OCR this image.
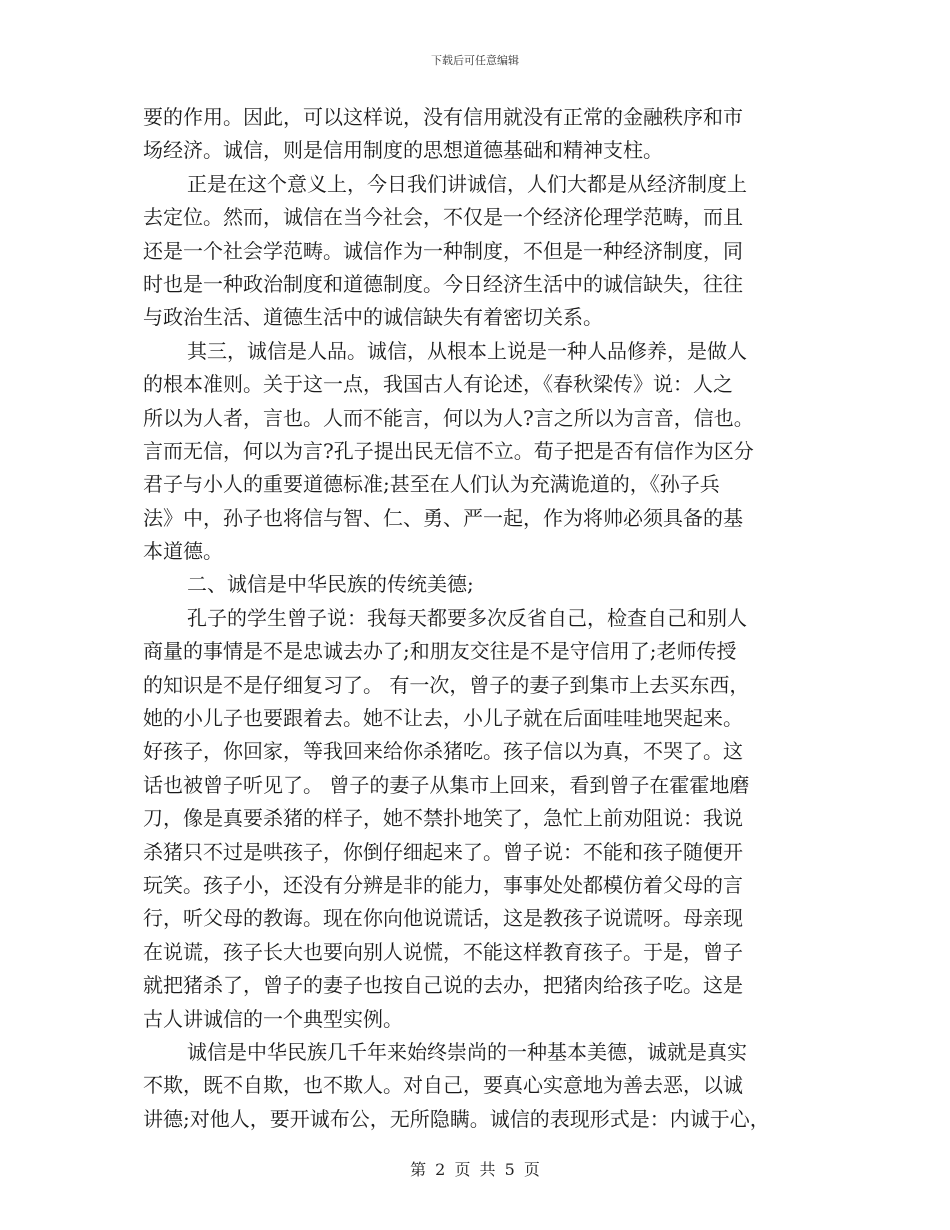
下载后可任意编辑
要的作用。因此，可以这样说，没有信用就没有正常的金融秩序和市
场经济。诚信，则是信用制度的思想道德基础和精神支柱。
正是在这个意义上，今日我们讲诚信，人们大都是从经济制度上
去定位。然而，诚信在当今社会，不仅是一个经济伦理学范畴，而且
还是一个社会学范畴。诚信作为一种制度，不但是一种经济制度，同
时也是一种政治制度和道德制度。今日经济生活中的诚信缺失，往往
与政治生活、道德生活中的诚信缺失有着密切关系。
其三，诚信是人品。诚信，从根本上说是一种人品修养，是做人
的根本准则。关于这一点，我国古人有论述，《春秋梁传》说：人之
所以为人者，言也。人而不能言，何以为人?言之所以为言音，信也。
言而无信，何以为言?孔子提出民无信不立。荀子把是否有信作为区分
君子与小人的重要道德标准;甚至在人们认为充满诡道的，《孙子兵
法》中，孙子也将信与智、仁、勇、严一起，作为将帅必须具备的基
本道德。
二、诚信是中华民族的传统美德;
孔子的学生曾子说：我每天都要多次反省自己，检查自己和别人
商量的事情是不是忠诚去办了;和朋友交往是不是守信用了;老师传授
的知识是不是仔细复习了。 有一次，曾子的妻子到集市上去买东西，
她的小儿子也要跟着去。她不让去，小儿子就在后面哇哇地哭起来。
好孩子，你回家，等我回来给你杀猪吃。孩子信以为真，不哭了。这
话也被曾子听见了。 曾子的妻子从集市上回来，看到曾子在霍霍地磨
刀，像是真要杀猪的样子，她不禁扑地笑了，急忙上前劝阻说：我说
杀猪只不过是哄孩子，你倒仔细起来了。曾子说：不能和孩子随便开
玩笑。孩子小，还没有分辨是非的能力，事事处处都模仿着父母的言
行，听父母的教诲。现在你向他说谎话，这是教孩子说谎呀。母亲现
在说谎，孩子长大也要向别人说慌，不能这样教育孩子。于是，曾子
就把猪杀了，曾子的妻子也按自己说的去办，把猪肉给孩子吃。这是
古人讲诚信的一个典型实例。
诚信是中华民族几千年来始终崇尚的一种基本美德，诚就是真实
不欺，既不自欺，也不欺人。对自己，要真心实意地为善去恶，以诚
讲德;对他人，要开诚布公，无所隐瞒。诚信的表现形式是：内诚于心，
第 2 页 共 5 页
